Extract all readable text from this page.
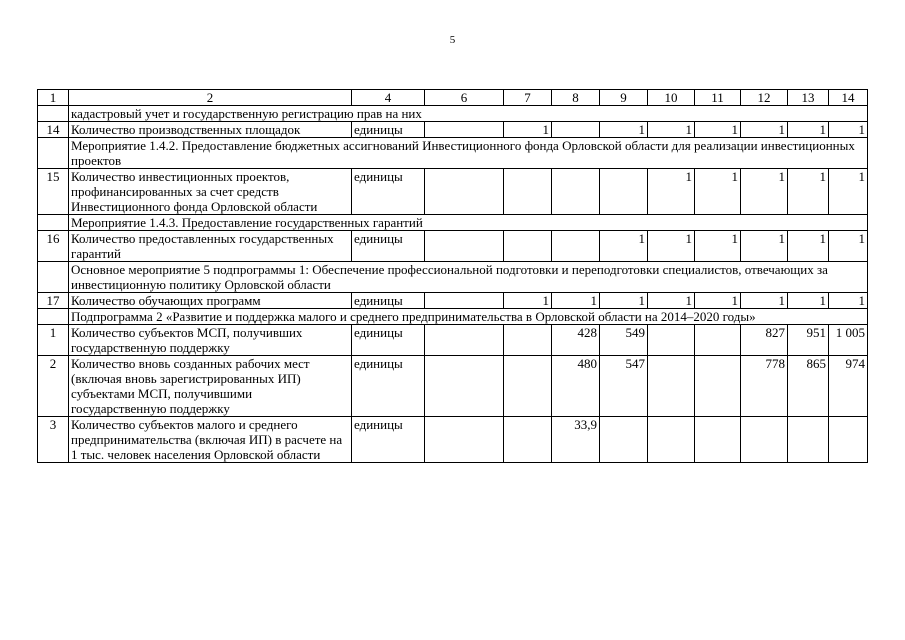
5
1	2	4	6	7	8	9	10	11	12	13	14
	кадастровый учет и государственную регистрацию прав на них										
14	Количество производственных площадок	единицы		1		1	1	1	1	1	1
	Мероприятие 1.4.2. Предоставление бюджетных ассигнований Инвестиционного фонда Орловской области для реализации инвестиционных проектов										
15	Количество инвестиционных проектов, профинансированных за счет средств Инвестиционного фонда Орловской области	единицы					1	1	1	1	1
	Мероприятие 1.4.3. Предоставление государственных гарантий										
16	Количество предоставленных государственных гарантий	единицы				1	1	1	1	1	1
	Основное мероприятие 5 подпрограммы 1: Обеспечение профессиональной подготовки и переподготовки специалистов, отвечающих за инвестиционную политику Орловской области										
17	Количество обучающих программ	единицы		1	1	1	1	1	1	1	1
	Подпрограмма 2 «Развитие и поддержка малого и среднего предпринимательства в Орловской области на 2014–2020 годы»										
1	Количество субъектов МСП, получивших государственную поддержку	единицы			428	549			827	951	1 005
2	Количество вновь созданных рабочих мест (включая вновь зарегистрированных ИП) субъектами МСП, получившими государственную поддержку	единицы			480	547			778	865	974
3	Количество субъектов малого и среднего предпринимательства (включая ИП) в расчете на 1 тыс. человек населения Орловской области	единицы			33,9						
